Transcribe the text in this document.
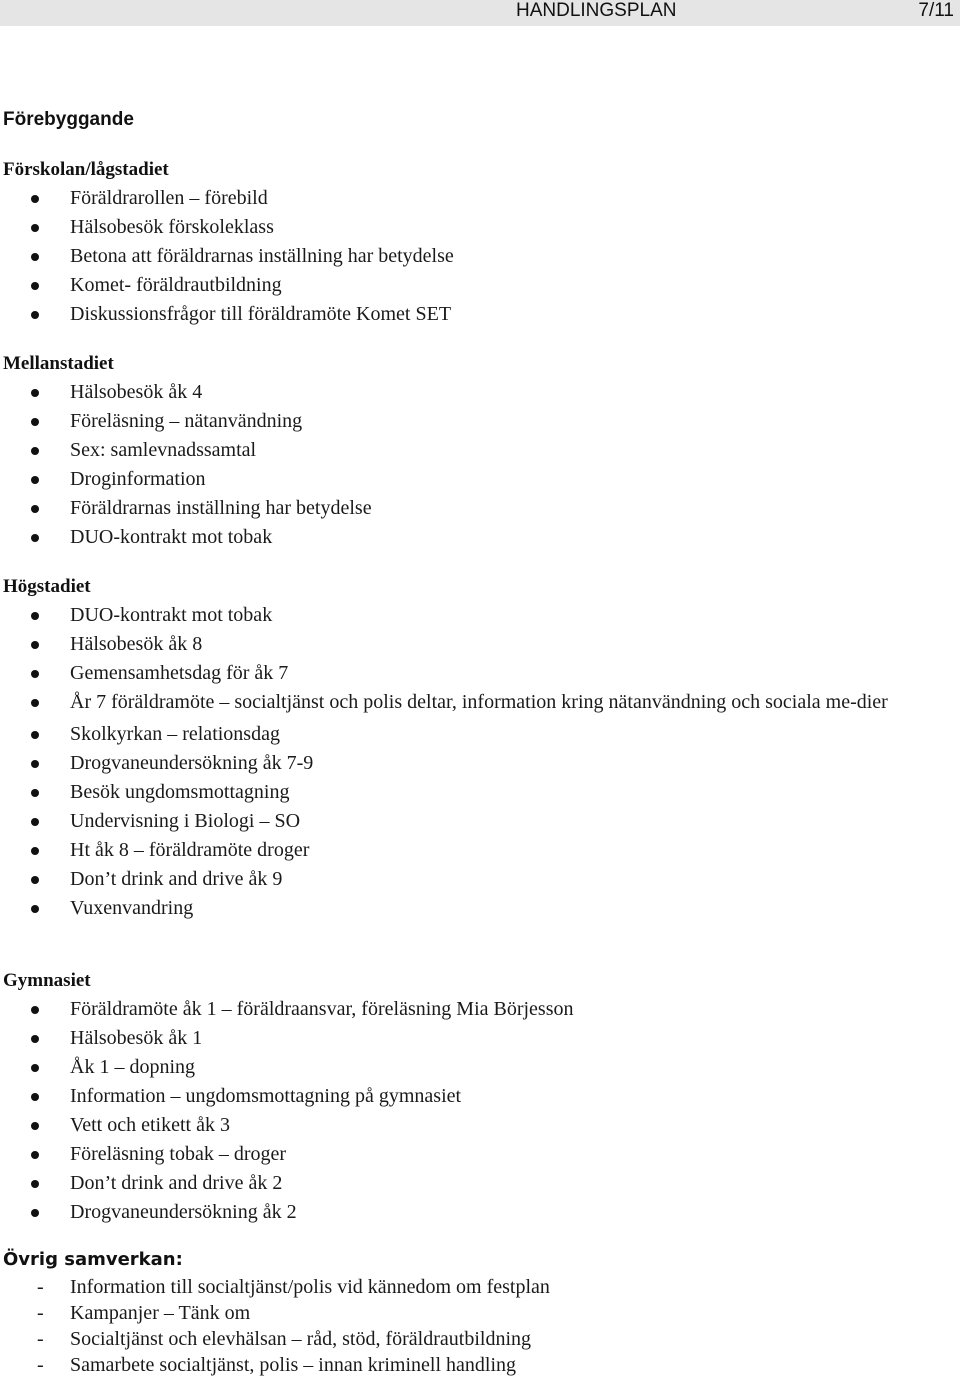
HANDLINGSPLAN	7/11
Förebyggande
Förskolan/lågstadiet
Föräldrarollen – förebild
Hälsobesök förskoleklass
Betona att föräldrarnas inställning har betydelse
Komet- föräldrautbildning
Diskussionsfrågor till föräldramöte Komet SET
Mellanstadiet
Hälsobesök åk 4
Föreläsning – nätanvändning
Sex: samlevnadssamtal
Droginformation
Föräldrarnas inställning har betydelse
DUO-kontrakt mot tobak
Högstadiet
DUO-kontrakt mot tobak
Hälsobesök åk 8
Gemensamhetsdag för åk 7
År 7 föräldramöte – socialtjänst och polis deltar, information kring nätanvändning och sociala me-dier
Skolkyrkan – relationsdag
Drogvaneundersökning åk 7-9
Besök ungdomsmottagning
Undervisning i Biologi – SO
Ht åk 8 – föräldramöte droger
Don’t drink and drive åk 9
Vuxenvandring
Gymnasiet
Föräldramöte åk 1 – föräldraansvar, föreläsning Mia Börjesson
Hälsobesök åk 1
Åk 1 – dopning
Information – ungdomsmottagning på gymnasiet
Vett och etikett åk 3
Föreläsning tobak – droger
Don’t drink and drive åk 2
Drogvaneundersökning åk 2
Övrig samverkan:
- Information till socialtjänst/polis vid kännedom om festplan
- Kampanjer – Tänk om
- Socialtjänst och elevhälsan – råd, stöd, föräldrautbildning
- Samarbete socialtjänst, polis – innan kriminell handling
